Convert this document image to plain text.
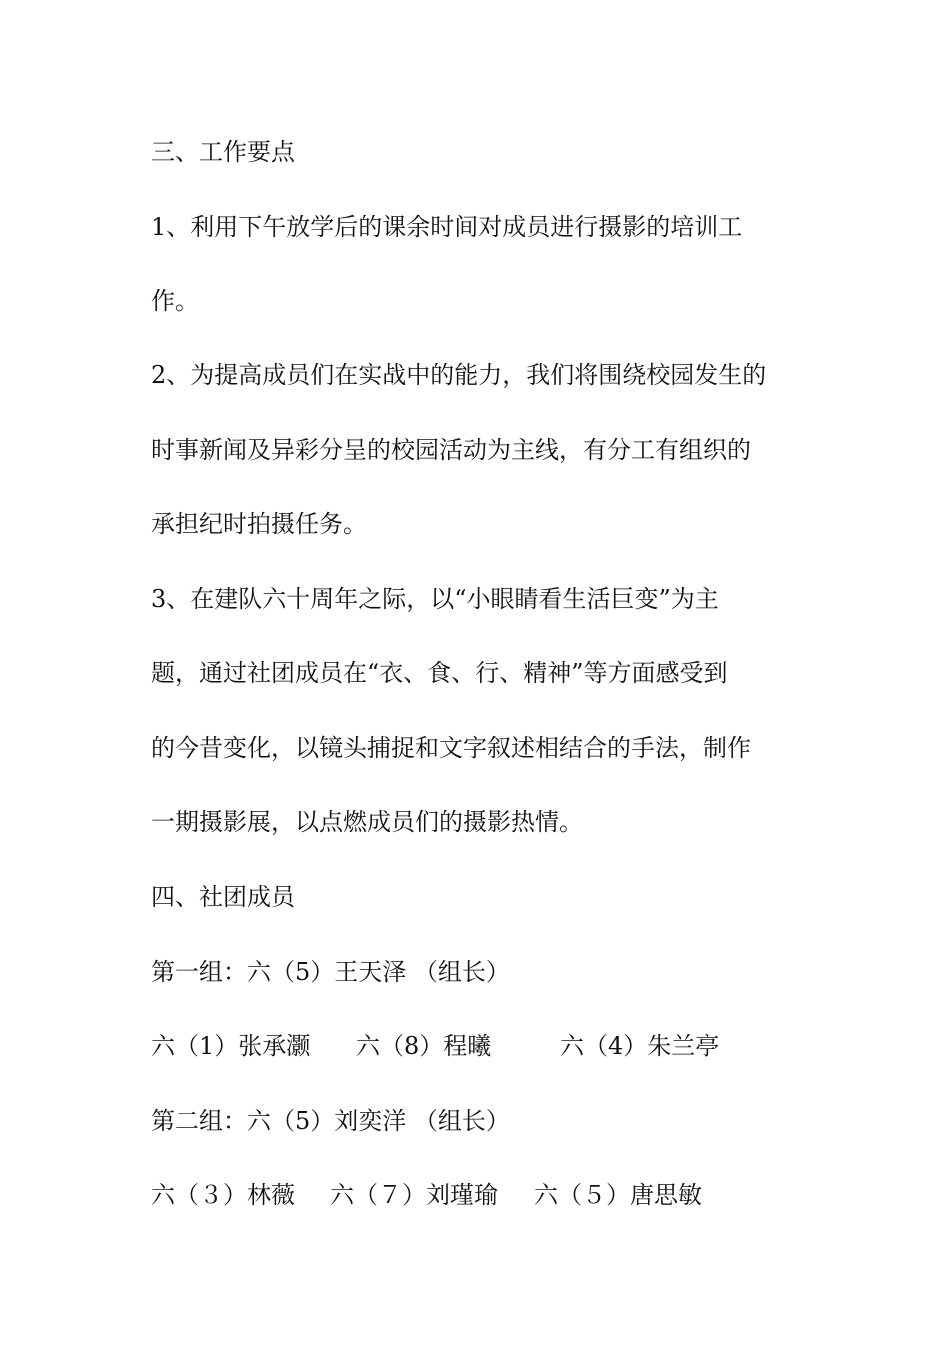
三、工作要点
1、利用下午放学后的课余时间对成员进行摄影的培训工
作。
2、为提高成员们在实战中的能力，我们将围绕校园发生的
时事新闻及异彩分呈的校园活动为主线，有分工有组织的
承担纪时拍摄任务。
3、在建队六十周年之际，以“小眼睛看生活巨变”为主
题，通过社团成员在“衣、食、行、精神”等方面感受到
的今昔变化，以镜头捕捉和文字叙述相结合的手法，制作
一期摄影展，以点燃成员们的摄影热情。
四、社团成员
第一组：六（5）王天泽 （组长）

六（1）张承灏

六（8）程曦

	六（4）朱兰亭

第二组：六（5）刘奕洋 （组长）

六（３）林薇

六（７）刘瑾瑜

六（５）唐思敏
